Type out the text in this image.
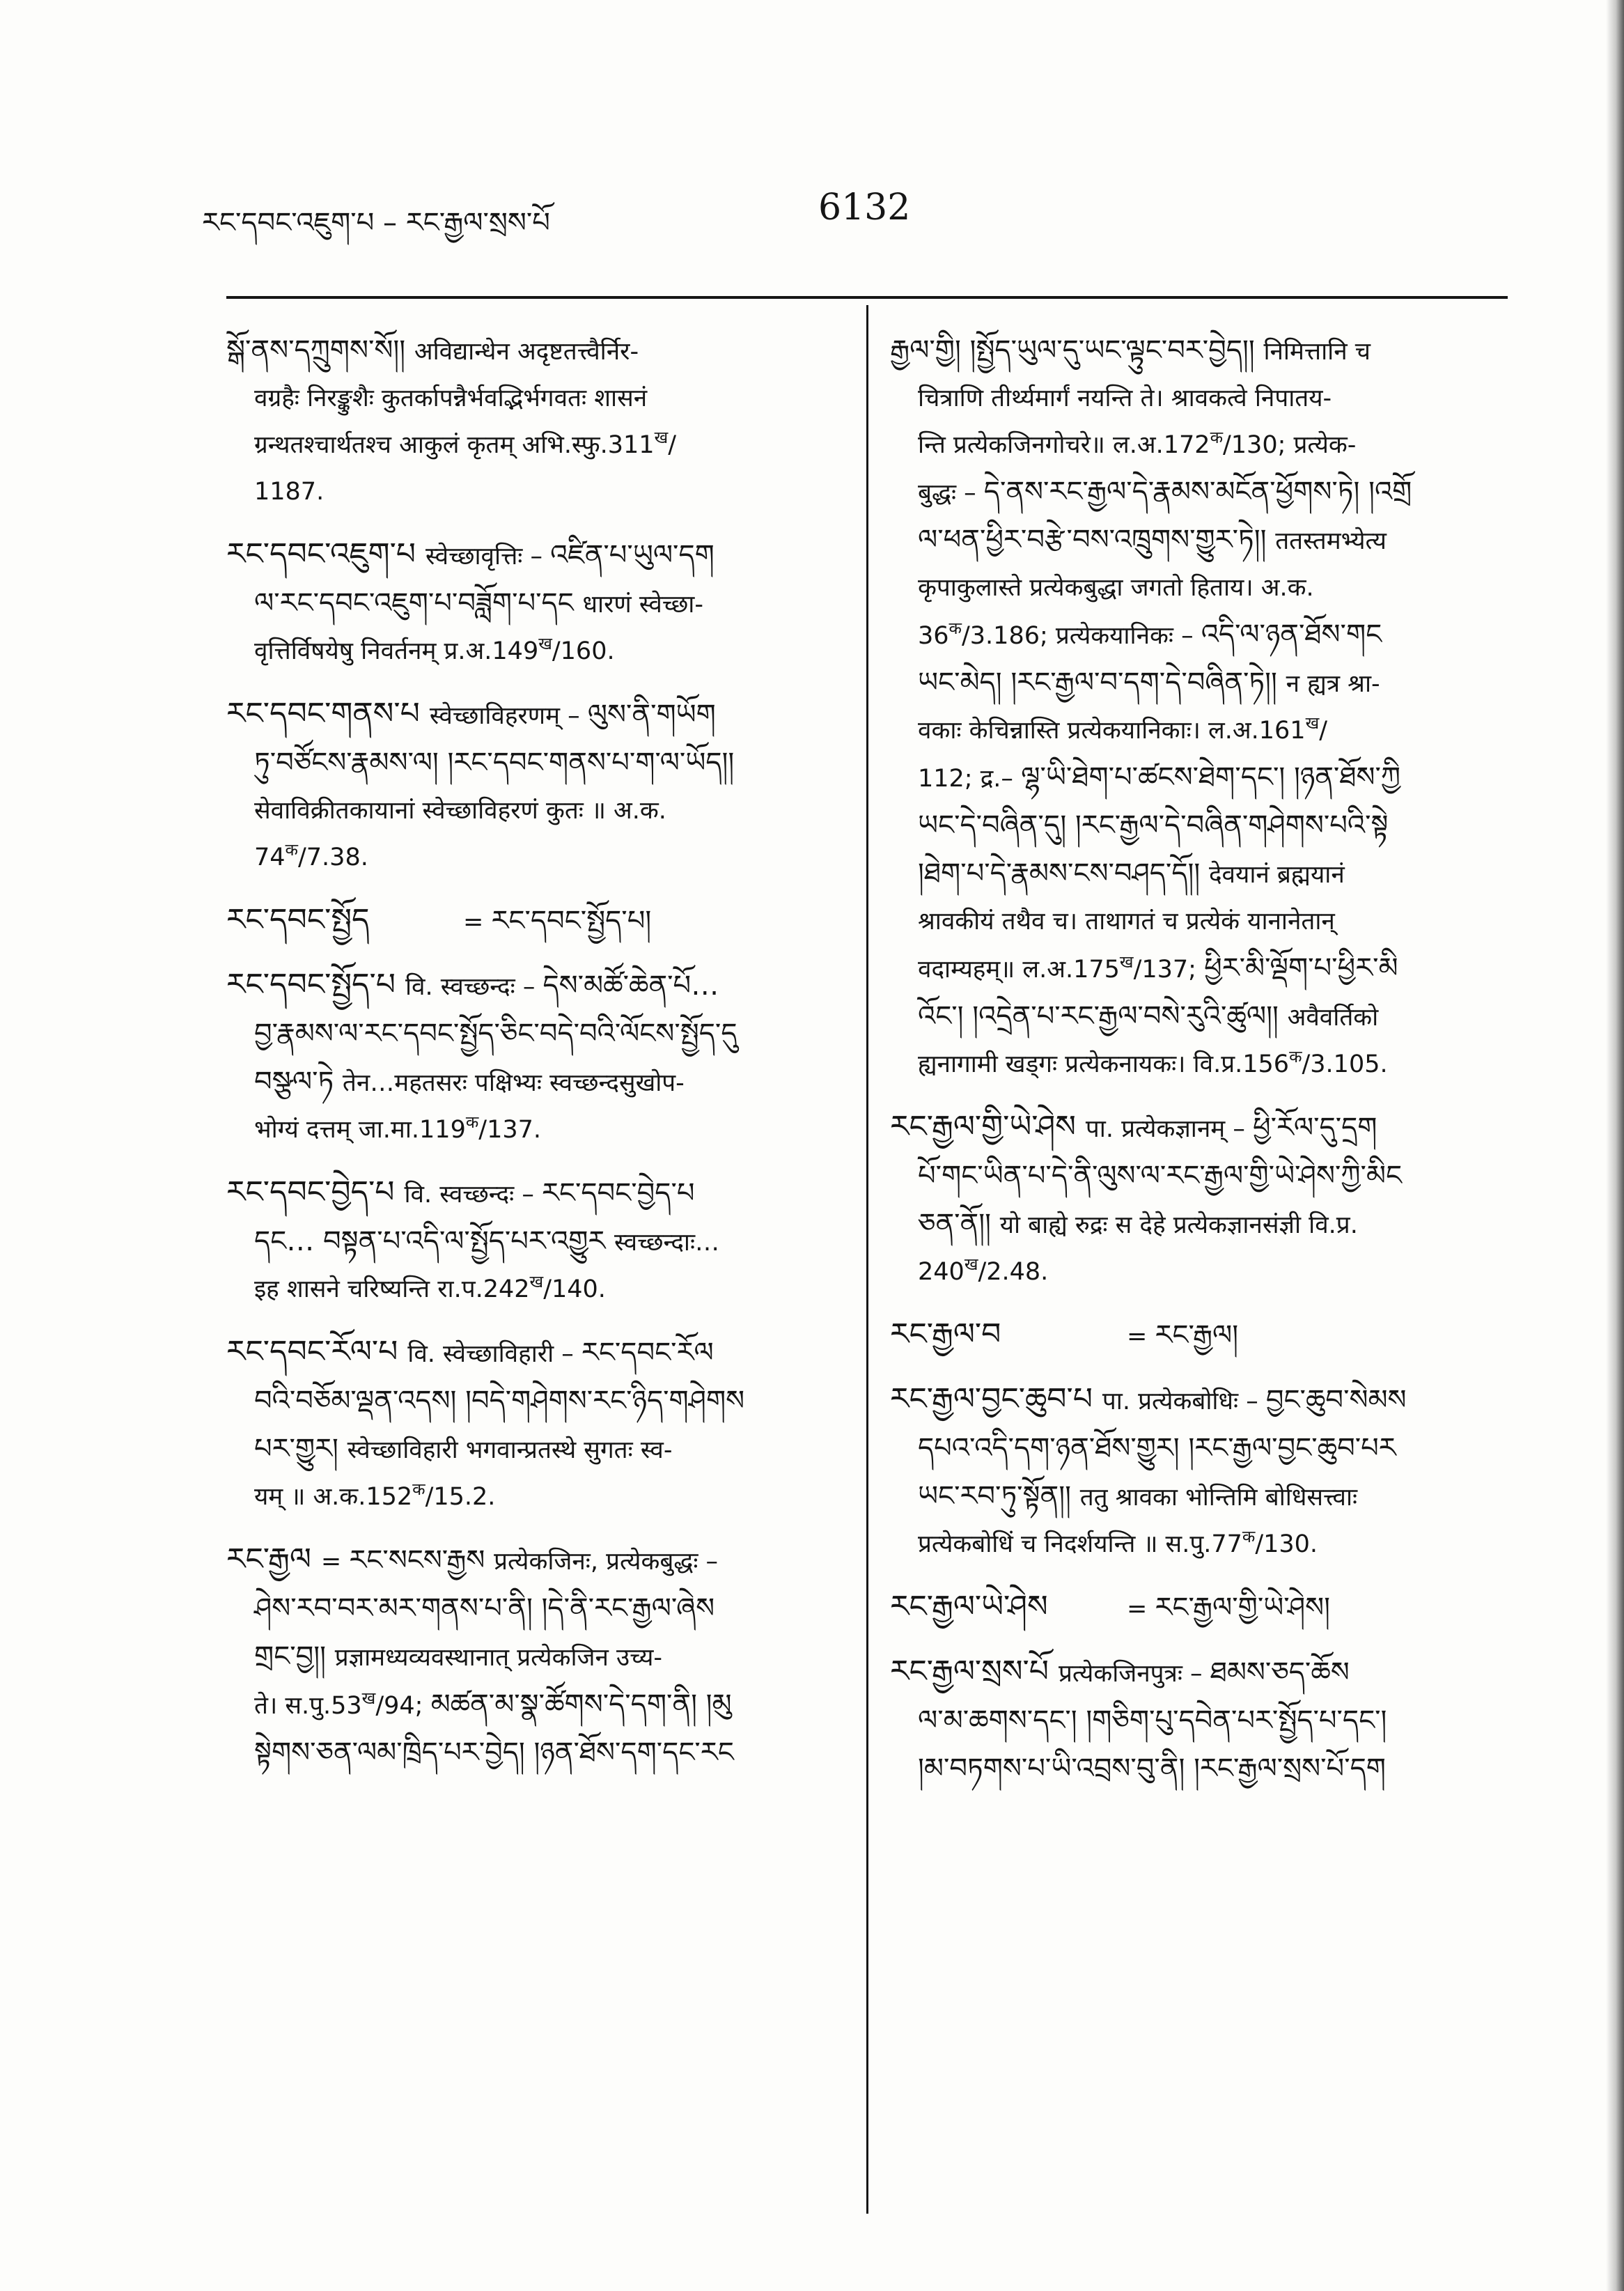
རང་དབང་འཇུག་པ – རང་རྒྱལ་སྲས་པོ	6132

སྒོ་ནས་དཀྲུགས་སོ།། अविद्यान्धेन अदृष्टतत्त्वैर्निर-

वग्रहैः निरङ्कुशैः कुतर्कापन्नैर्भवद्भिर्भगवतः शासनं

ग्रन्थतश्चार्थतश्च आकुलं कृतम् $अभि.स्फु.311^ख/$

1187.

རང་དབང་འཇུག་པ स्वेच्छावृत्तिः – འཛིན་པ་ཡུལ་དག

ལ་རང་དབང་འཇུག་པ་བཟློག་པ་དང धारणं स्वेच्छा-

वृत्तिर्विषयेषु निवर्तनम् $प्र.अ.149^ख/160$.

རང་དབང་གནས་པ स्वेच्छाविहरणम् – ལུས་ནི་གཡོག

ཏུ་བཙོངས་རྣམས་ལ། །རང་དབང་གནས་པ་ག་ལ་ཡོད།།

सेवाविक्रीतकायानां स्वेच्छाविहरणं कुतः ॥ अ.क.

$74^क/7.38$.

རང་དབང་སྤྱོད	= རང་དབང་སྤྱོད་པ།

རང་དབང་སྤྱོད་པ वि. स्वच्छन्दः – དེས་མཚོ་ཆེན་པོ…

བྱ་རྣམས་ལ་རང་དབང་སྤྱོད་ཅིང་བདེ་བའི་ལོངས་སྤྱོད་དུ

བསྩལ་ཏེ तेन…महतसरः पक्षिभ्यः स्वच्छन्दसुखोप-

भोग्यं दत्तम् $जा.मा.119^क/137$.

རང་དབང་བྱེད་པ वि. स्वच्छन्दः – རང་དབང་བྱེད་པ

དང… བསྟན་པ་འདི་ལ་སྤྱོད་པར་འགྱུར स्वच्छन्दाः…

इह शासने चरिष्यन्ति $रा.प.242^ख/140$.

རང་དབང་རོལ་པ वि. स्वेच्छाविहारी – རང་དབང་རོལ

བའི་བཅོམ་ལྡན་འདས། །བདེ་གཤེགས་རང་ཉིད་གཤེགས

པར་གྱུར། स्वेच्छाविहारी भगवान्प्रतस्थे सुगतः स्व-

यम् ॥ $अ.क.152^क/15.2$.

རང་རྒྱལ = རང་སངས་རྒྱས प्रत्येकजिनः, प्रत्येकबुद्धः –

ཤེས་རབ་བར་མར་གནས་པ་ནི། །དེ་ནི་རང་རྒྱལ་ཞེས

གྲང་བྱ།། प्रज्ञामध्यव्यवस्थानात् प्रत्येकजिन उच्य-

ते। $स.पु.53^ख/94$; མཚན་མ་སྣ་ཚོགས་དེ་དག་ནི། །མུ

སྟེགས་ཅན་ལམ་ཁྲིད་པར་བྱེད། །ཉན་ཐོས་དག་དང་རང

རྒྱལ་གྱི། །སྤྱོད་ཡུལ་དུ་ཡང་ལྟུང་བར་བྱེད།། निमित्तानि च

चित्राणि तीर्थ्यमार्गं नयन्ति ते। श्रावकत्वे निपातय-

न्ति प्रत्येकजिनगोचरे॥ $ल.अ.172^क/130$; प्रत्येक-

बुद्धः – དེ་ནས་རང་རྒྱལ་དེ་རྣམས་མངོན་ཕྱོགས་ཏེ། །འགྲོ

ལ་ཕན་ཕྱིར་བརྩེ་བས་འཁྲུགས་གྱུར་ཏེ།། ततस्तमभ्येत्य

कृपाकुलास्ते प्रत्येकबुद्धा जगतो हिताय। अ.क.

$36^क/3.186$; प्रत्येकयानिकः – འདི་ལ་ཉན་ཐོས་གང

ཡང་མེད། །རང་རྒྱལ་བ་དག་དེ་བཞིན་ཏེ།། न ह्यत्र श्रा-

वकाः केचिन्नास्ति प्रत्येकयानिकाः। $ल.अ.161^ख/$

112; द्र.– ལྷ་ཡི་ཐེག་པ་ཚངས་ཐེག་དང་། །ཉན་ཐོས་ཀྱི

ཡང་དེ་བཞིན་དུ། །རང་རྒྱལ་དེ་བཞིན་གཤེགས་པའི་སྟེ

།ཐེག་པ་དེ་རྣམས་ངས་བཤད་དོ།། देवयानं ब्रह्मयानं

श्रावकीयं तथैव च। ताथागतं च प्रत्येकं यानानेतान्

वदाम्यहम्॥ $ल.अ.175^ख/137$; ཕྱིར་མི་ལྡོག་པ་ཕྱིར་མི

འོང་། །འདྲེན་པ་རང་རྒྱལ་བསེ་རུའི་ཚུལ།། अवैवर्तिको

ह्यनागामी खड्गः प्रत्येकनायकः। $वि.प्र.156^क/3.105$.

རང་རྒྱལ་གྱི་ཡེ་ཤེས पा. प्रत्येकज्ञानम् – ཕྱི་རོལ་དུ་དྲག

པོ་གང་ཡིན་པ་དེ་ནི་ལུས་ལ་རང་རྒྱལ་གྱི་ཡེ་ཤེས་ཀྱི་མིང

ཅན་ནོ།། यो बाह्ये रुद्रः स देहे प्रत्येकज्ञानसंज्ञी वि.प्र.

$240^ख/2.48$.

རང་རྒྱལ་བ	= རང་རྒྱལ།

རང་རྒྱལ་བྱང་ཆུབ་པ पा. प्रत्येकबोधिः – བྱང་ཆུབ་སེམས

དཔའ་འདི་དག་ཉན་ཐོས་གྱུར། །རང་རྒྱལ་བྱང་ཆུབ་པར

ཡང་རབ་ཏུ་སྟོན།། ततु श्रावका भोन्तिमि बोधिसत्त्वाः

प्रत्येकबोधिं च निदर्शयन्ति ॥ $स.पु.77^क/130$.

རང་རྒྱལ་ཡེ་ཤེས	= རང་རྒྱལ་གྱི་ཡེ་ཤེས།

རང་རྒྱལ་སྲས་པོ प्रत्येकजिनपुत्रः – ཐམས་ཅད་ཆོས

ལ་མ་ཆགས་དང་། །གཅིག་པུ་དབེན་པར་སྤྱོད་པ་དང་།

།མ་བཏགས་པ་ཡི་འབྲས་བུ་ནི། །རང་རྒྱལ་སྲས་པོ་དག
